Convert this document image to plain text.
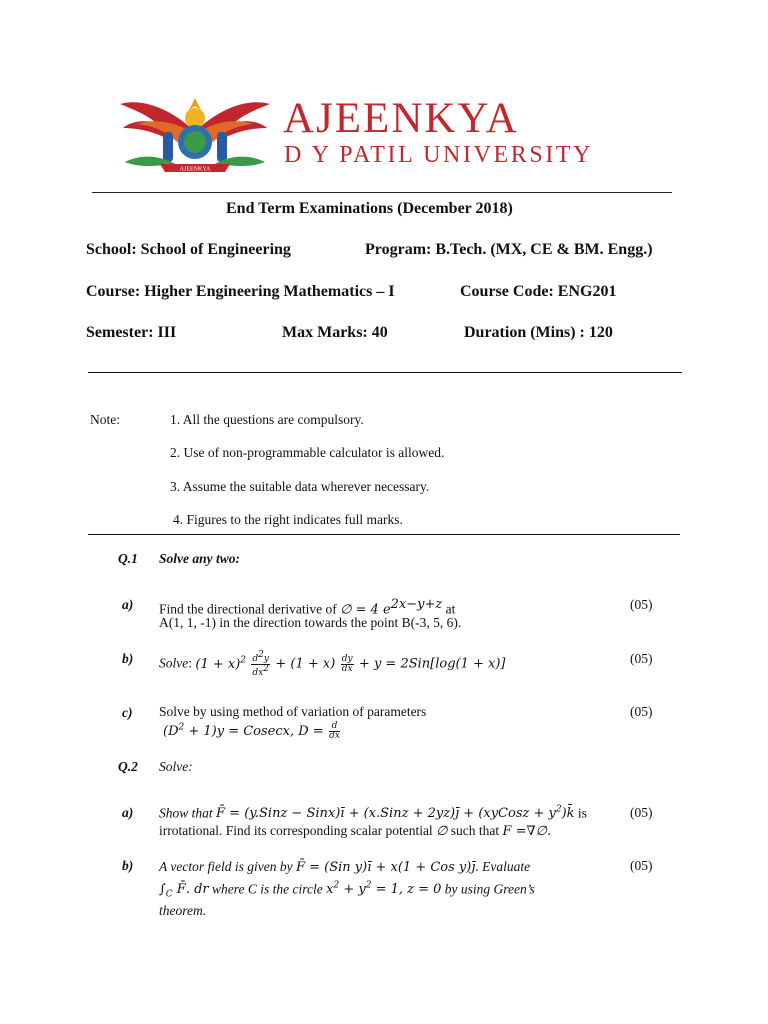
AJEENKYA
AJEENKYA
D Y PATIL UNIVERSITY
End Term Examinations (December 2018)
School: School of Engineering	Program: B.Tech. (MX, CE & BM. Engg.)
Course: Higher Engineering Mathematics – I	Course Code: ENG201
Semester: III	Max Marks: 40	Duration (Mins) : 120
Note:	1. All the questions are compulsory.
2. Use of non-programmable calculator is allowed.
3. Assume the suitable data wherever necessary.
4. Figures to the right indicates full marks.
Q.1 Solve any two:
a) Find the directional derivative of ∅ = 4 $e^{2x-y+z}$ at
A(1, 1, -1) in the direction towards the point B(-3, 5, 6).
(05)
b) Solve: $(1 + x)^2 \frac{d^2y}{dx^2} + (1 + x) \frac{dy}{dx} + y = 2Sin[\log(1 + x)]$	(05)
c) Solve by using method of variation of parameters
$(D^2 + 1)y = Cosecx$, $D = \frac{d}{dx}$
(05)
Q.2 Solve:
a) Show that F̄ = (y.Sinz − Sinx)ī + (x.Sinz + 2yz)j̄ + (xyCosz + $y^2)k̄$ is
irrotational. Find its corresponding scalar potential ∅ such that F =∇∅.
(05)
b) A vector field is given by F̄ = (Sin y)ī + x(1 + Cos y)j̄. Evaluate
$\int_C$ F̄. dr where C is the circle $x^2 + y^2 = 1$, z = 0 by using Green’s
theorem.
(05)
